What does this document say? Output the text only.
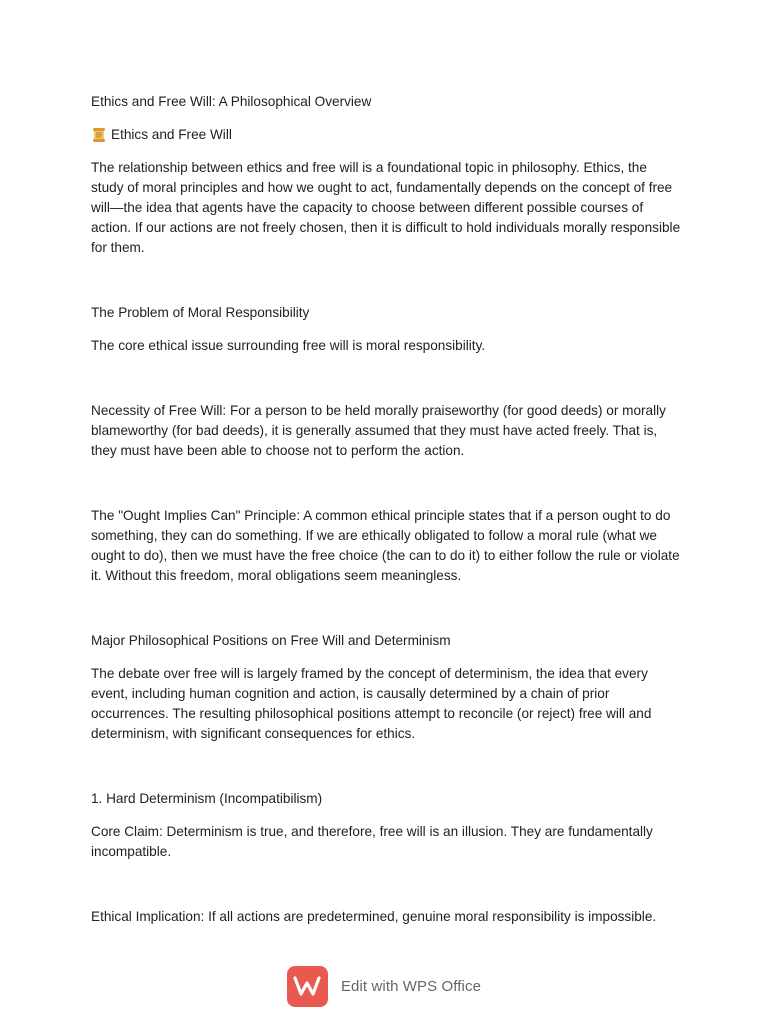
Ethics and Free Will: A Philosophical Overview

Ethics and Free Will

The relationship between ethics and free will is a foundational topic in philosophy. Ethics, the study of moral principles and how we ought to act, fundamentally depends on the concept of free will—the idea that agents have the capacity to choose between different possible courses of action. If our actions are not freely chosen, then it is difficult to hold individuals morally responsible for them.

The Problem of Moral Responsibility

The core ethical issue surrounding free will is moral responsibility.

Necessity of Free Will: For a person to be held morally praiseworthy (for good deeds) or morally blameworthy (for bad deeds), it is generally assumed that they must have acted freely. That is, they must have been able to choose not to perform the action.

The "Ought Implies Can" Principle: A common ethical principle states that if a person ought to do something, they can do something. If we are ethically obligated to follow a moral rule (what we ought to do), then we must have the free choice (the can to do it) to either follow the rule or violate it. Without this freedom, moral obligations seem meaningless.

Major Philosophical Positions on Free Will and Determinism

The debate over free will is largely framed by the concept of determinism, the idea that every event, including human cognition and action, is causally determined by a chain of prior occurrences. The resulting philosophical positions attempt to reconcile (or reject) free will and determinism, with significant consequences for ethics.

1. Hard Determinism (Incompatibilism)

Core Claim: Determinism is true, and therefore, free will is an illusion. They are fundamentally incompatible.

Ethical Implication: If all actions are predetermined, genuine moral responsibility is impossible.

Edit with WPS Office
